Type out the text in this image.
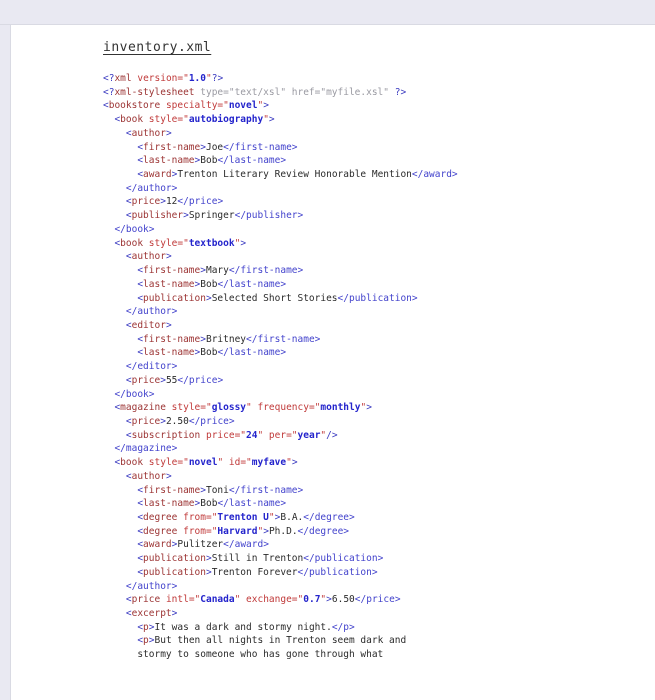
inventory.xml
<?xml version="1.0"?>
<?xml-stylesheet type="text/xsl" href="myfile.xsl" ?>
<bookstore specialty="novel">
<book style="autobiography">
<author>
<first-name>Joe</first-name>
<last-name>Bob</last-name>
<award>Trenton Literary Review Honorable Mention</award>
</author>
<price>12</price>
<publisher>Springer</publisher>
</book>
<book style="textbook">
<author>
<first-name>Mary</first-name>
<last-name>Bob</last-name>
<publication>Selected Short Stories</publication>
</author>
<editor>
<first-name>Britney</first-name>
<last-name>Bob</last-name>
</editor>
<price>55</price>
</book>
<magazine style="glossy" frequency="monthly">
<price>2.50</price>
<subscription price="24" per="year"/>
</magazine>
<book style="novel" id="myfave">
<author>
<first-name>Toni</first-name>
<last-name>Bob</last-name>
<degree from="Trenton U">B.A.</degree>
<degree from="Harvard">Ph.D.</degree>
<award>Pulitzer</award>
<publication>Still in Trenton</publication>
<publication>Trenton Forever</publication>
</author>
<price intl="Canada" exchange="0.7">6.50</price>
<excerpt>
<p>It was a dark and stormy night.</p>
<p>But then all nights in Trenton seem dark and
stormy to someone who has gone through what
